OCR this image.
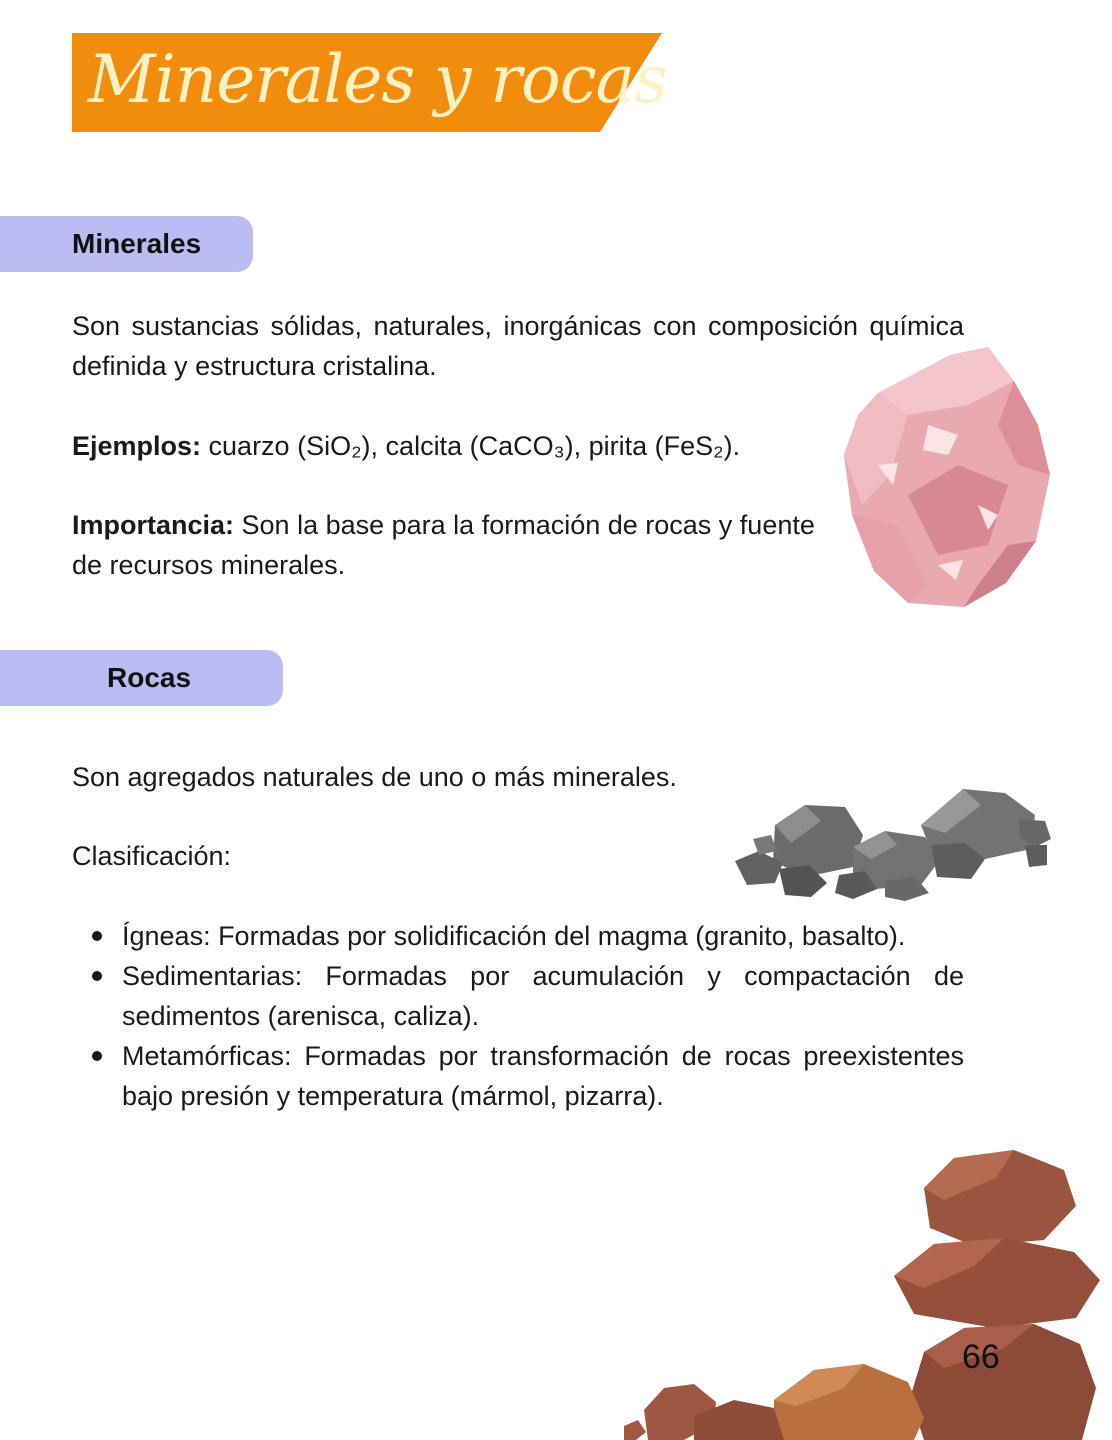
Minerales y rocas
Minerales

Son sustancias sólidas, naturales, inorgánicas con composición química definida y estructura cristalina.

Ejemplos: cuarzo (SiO₂), calcita (CaCO₃), pirita (FeS₂).

Importancia: Son la base para la formación de rocas y fuente de recursos minerales.

Rocas

Son agregados naturales de uno o más minerales.

Clasificación:

Ígneas: Formadas por solidificación del magma (granito, basalto).
Sedimentarias: Formadas por acumulación y compactación de sedimentos (arenisca, caliza).
Metamórficas: Formadas por transformación de rocas preexistentes bajo presión y temperatura (mármol, pizarra).
66
